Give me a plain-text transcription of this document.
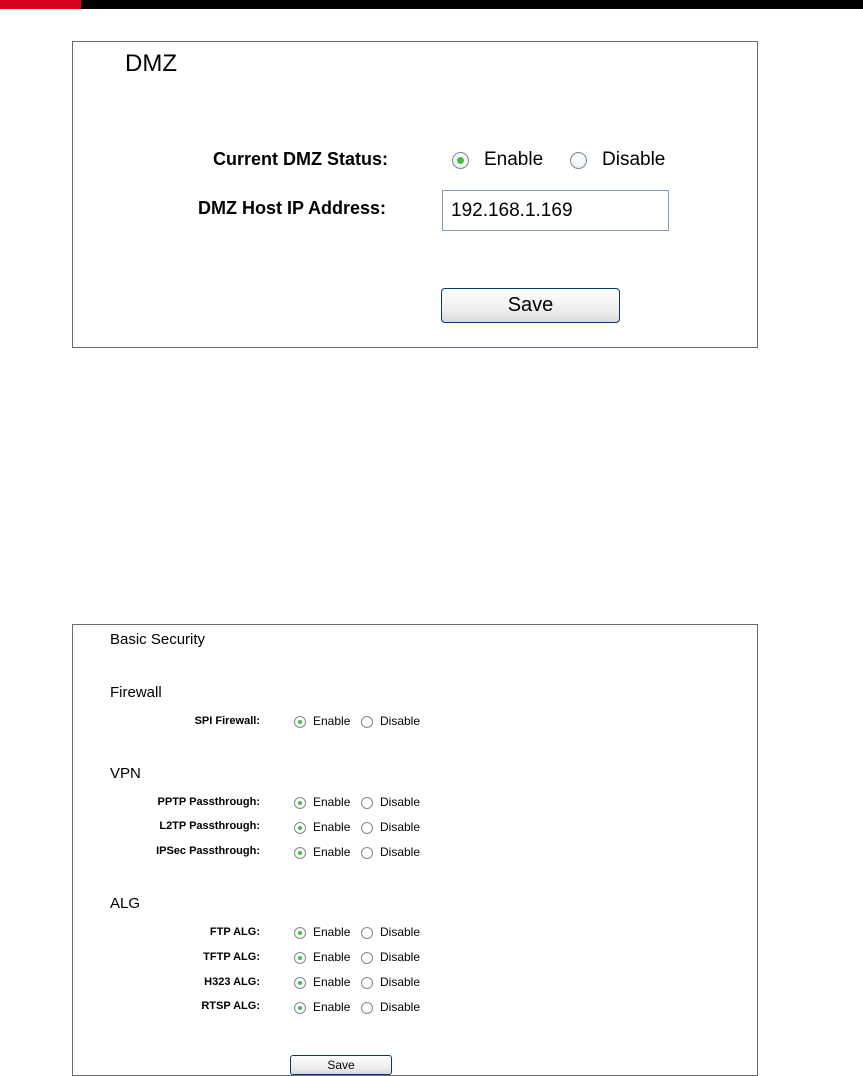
DMZ
Current DMZ Status:	Enable	Disable
DMZ Host IP Address:
192.168.1.169
Save
Basic Security
Firewall
SPI Firewall:	Enable Disable
VPN
PPTP Passthrough:	Enable Disable
L2TP Passthrough:	Enable Disable
IPSec Passthrough:	Enable Disable
ALG
FTP ALG:	Enable Disable
TFTP ALG:	Enable Disable
H323 ALG:	Enable Disable
RTSP ALG:	Enable Disable
Save
